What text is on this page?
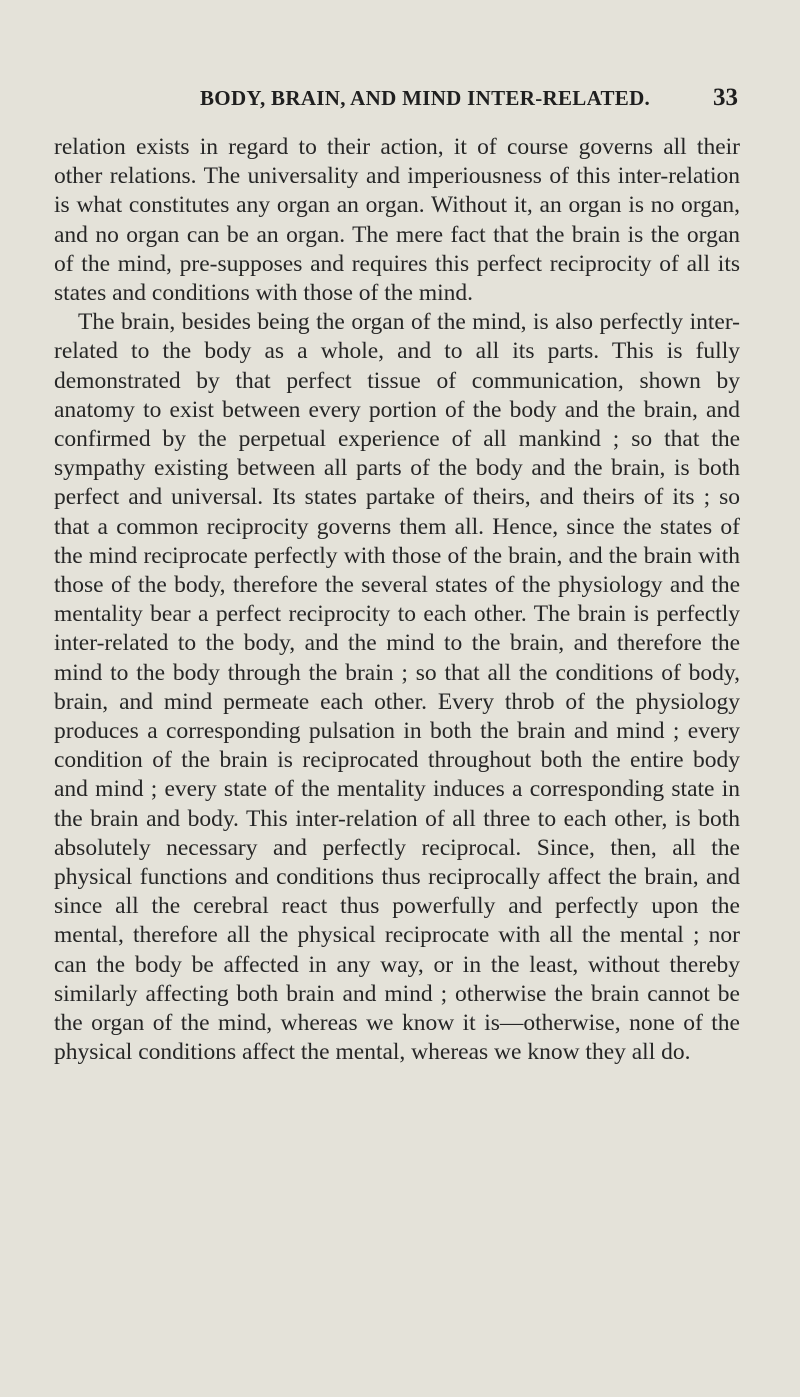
BODY, BRAIN, AND MIND INTER-RELATED.	33

relation exists in regard to their action, it of course governs all their other relations. The universality and imperiousness of this inter-relation is what constitutes any organ an organ. Without it, an organ is no organ, and no organ can be an organ. The mere fact that the brain is the organ of the mind, pre-supposes and requires this perfect reciprocity of all its states and conditions with those of the mind.

The brain, besides being the organ of the mind, is also perfectly inter-related to the body as a whole, and to all its parts. This is fully demonstrated by that perfect tissue of communication, shown by anatomy to exist between every portion of the body and the brain, and confirmed by the perpetual experience of all mankind ; so that the sympathy existing between all parts of the body and the brain, is both perfect and universal. Its states partake of theirs, and theirs of its ; so that a common reciprocity governs them all. Hence, since the states of the mind reciprocate perfectly with those of the brain, and the brain with those of the body, therefore the several states of the physiology and the mentality bear a perfect reciprocity to each other. The brain is perfectly inter-related to the body, and the mind to the brain, and therefore the mind to the body through the brain ; so that all the conditions of body, brain, and mind permeate each other. Every throb of the physiology produces a corresponding pulsation in both the brain and mind ; every condition of the brain is reciprocated throughout both the entire body and mind ; every state of the mentality induces a corresponding state in the brain and body. This inter-relation of all three to each other, is both absolutely necessary and perfectly reciprocal. Since, then, all the physical functions and conditions thus reciprocally affect the brain, and since all the cerebral react thus powerfully and perfectly upon the mental, therefore all the physical reciprocate with all the mental ; nor can the body be affected in any way, or in the least, without thereby similarly affecting both brain and mind ; otherwise the brain cannot be the organ of the mind, whereas we know it is—otherwise, none of the physical conditions affect the mental, whereas we know they all do.
